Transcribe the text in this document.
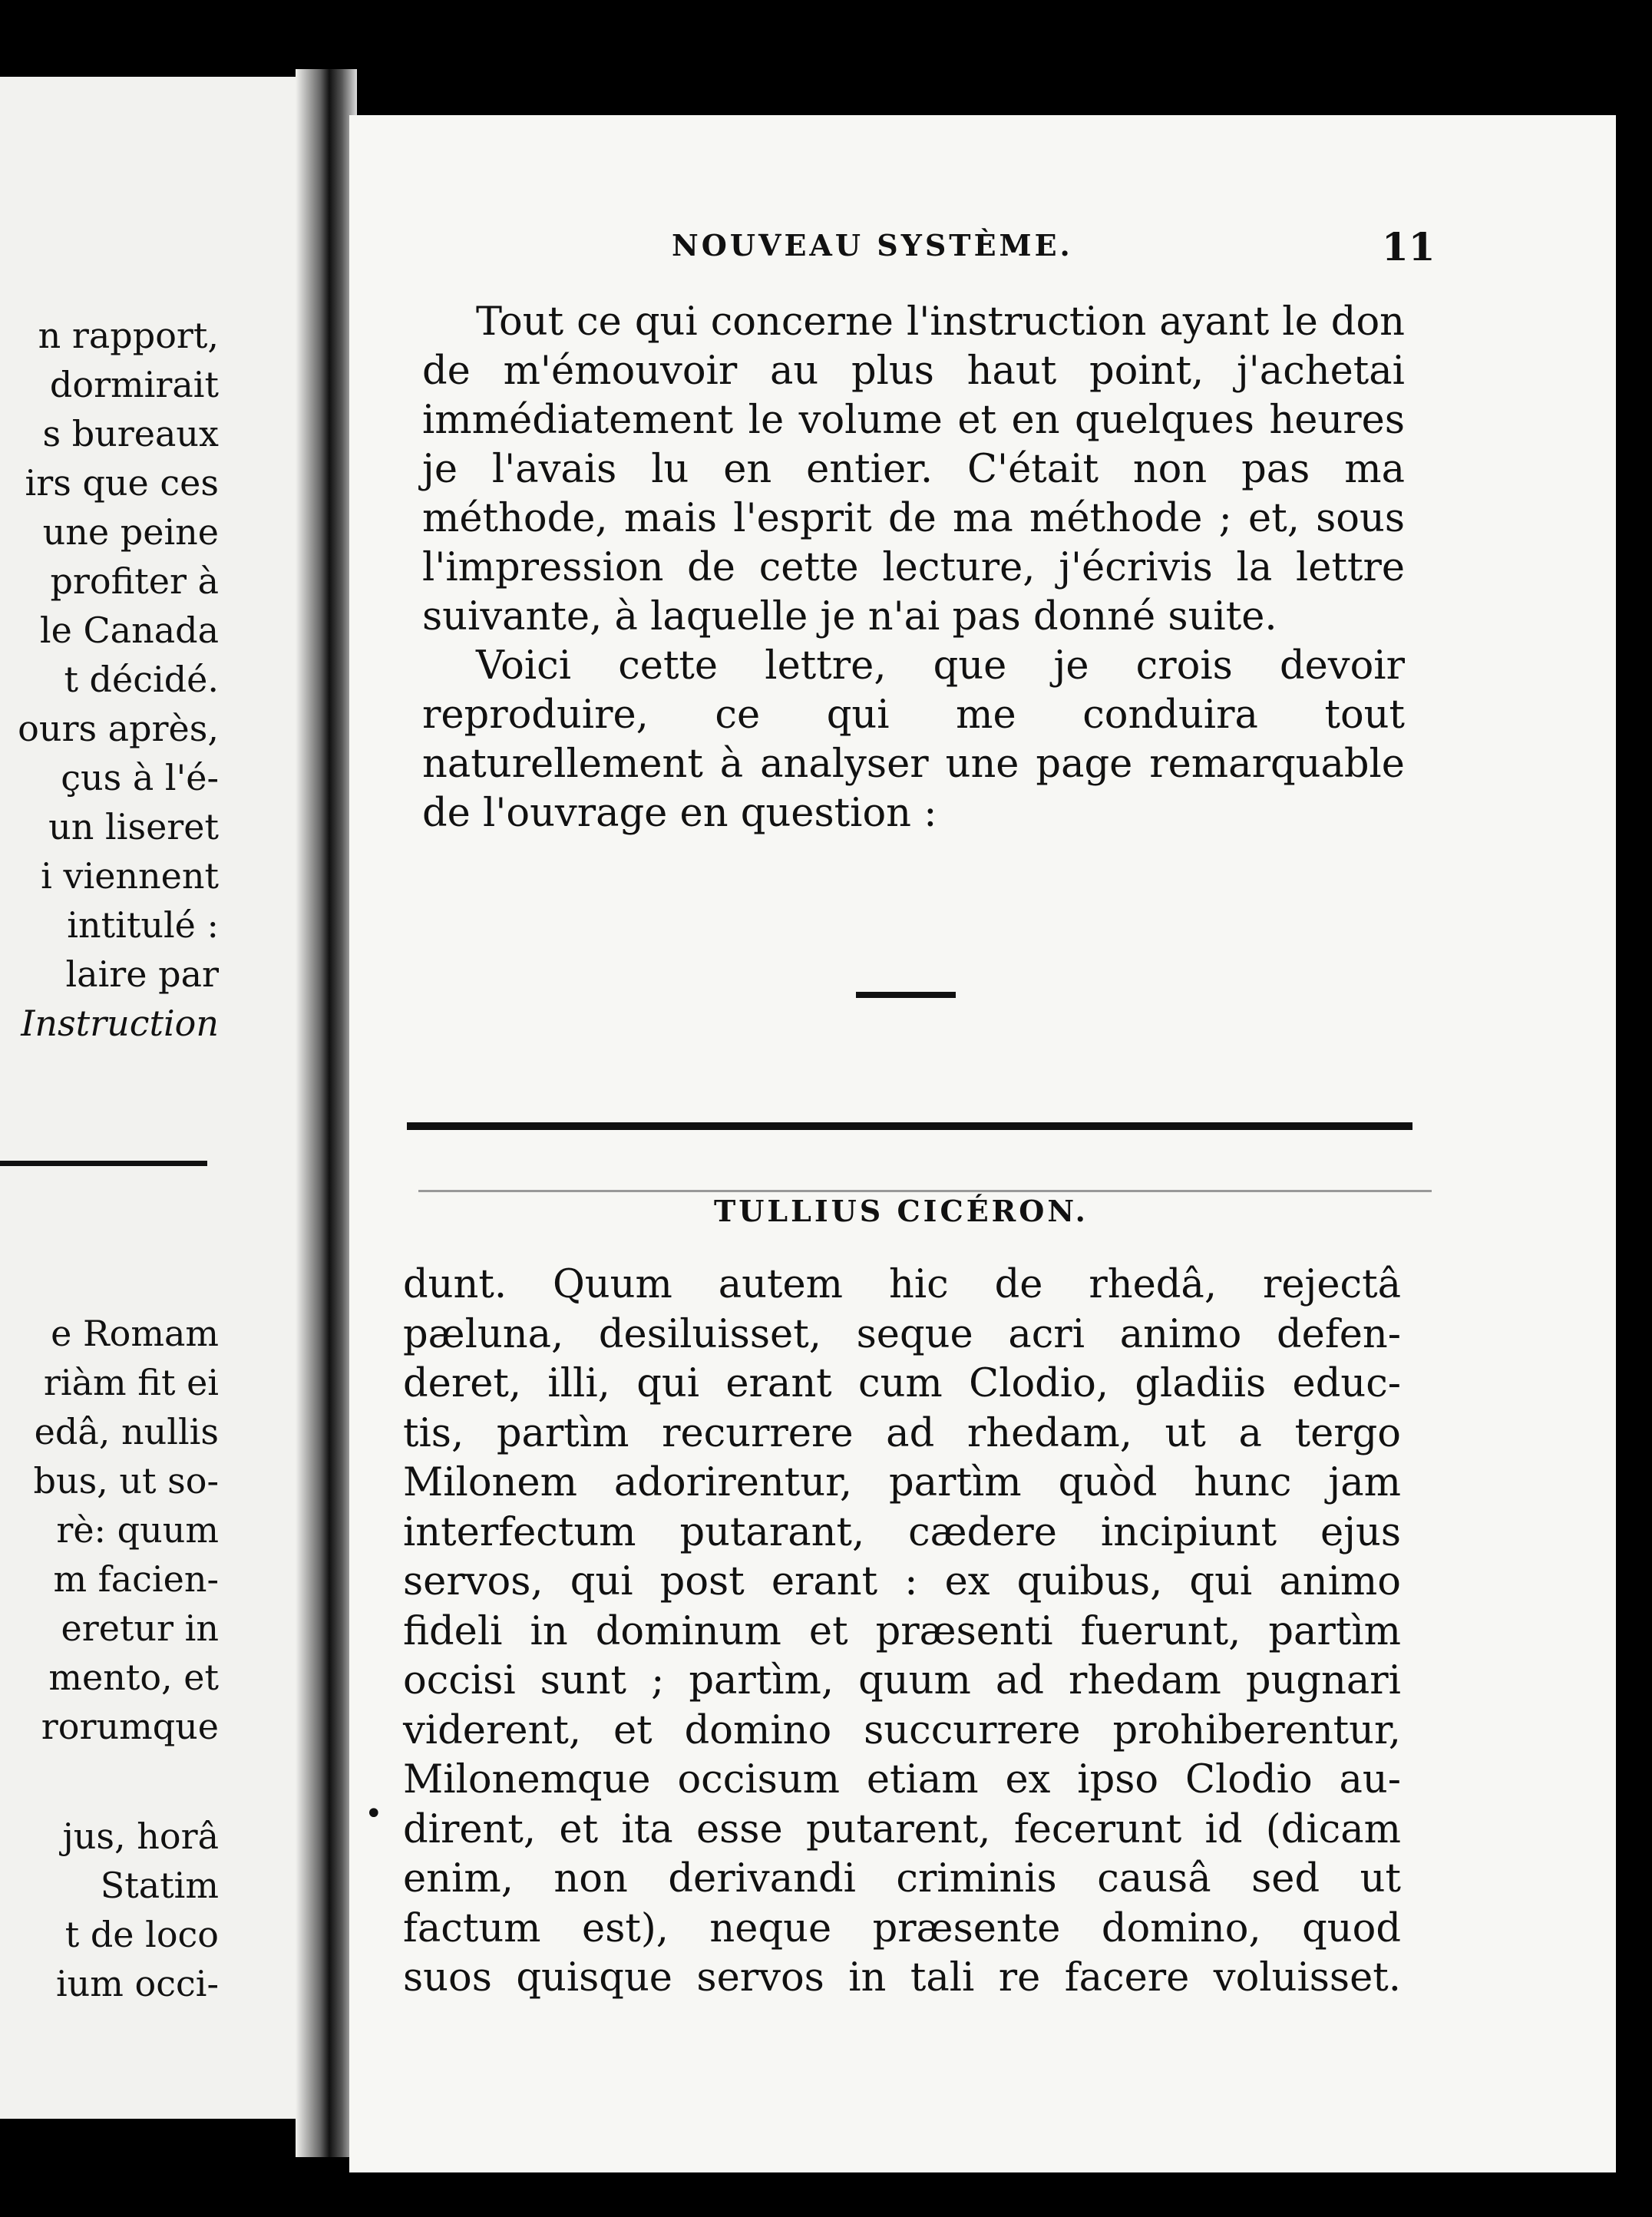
n rapport,
dormirait
s bureaux
irs que ces
une peine
profiter à
le Canada
t décidé.
ours après,
çus à l'é-
un liseret
i viennent
intitulé :
laire par
Instruction
e Romam
riàm fit ei
edâ, nullis
bus, ut so-
rè: quum
m facien-
eretur in
mento, et
rorumque
jus, horâ
Statim
t de loco
ium occi-
NOUVEAU SYSTÈME.	11

Tout ce qui concerne l'instruction ayant le don de m'émouvoir au plus haut point, j'achetai immédiatement le volume et en quelques heures je l'avais lu en entier. C'était non pas ma méthode, mais l'esprit de ma méthode ; et, sous l'impression de cette lecture, j'écrivis la lettre suivante, à laquelle je n'ai pas donné suite.

Voici cette lettre, que je crois devoir reproduire, ce qui me conduira tout naturellement à analyser une page remarquable de l'ouvrage en question :

TULLIUS CICÉRON.
dunt. Quum autem hic de rhedâ, rejectâ
pæluna, desiluisset, seque acri animo defen-
deret, illi, qui erant cum Clodio, gladiis educ-
tis, partìm recurrere ad rhedam, ut a tergo
Milonem adorirentur, partìm quòd hunc jam
interfectum putarant, cædere incipiunt ejus
servos, qui post erant : ex quibus, qui animo
fideli in dominum et præsenti fuerunt, partìm
occisi sunt ; partìm, quum ad rhedam pugnari
viderent, et domino succurrere prohiberentur,
Milonemque occisum etiam ex ipso Clodio au-
dirent, et ita esse putarent, fecerunt id (dicam
enim, non derivandi criminis causâ sed ut
factum est), neque præsente domino, quod
suos quisque servos in tali re facere voluisset.
•
